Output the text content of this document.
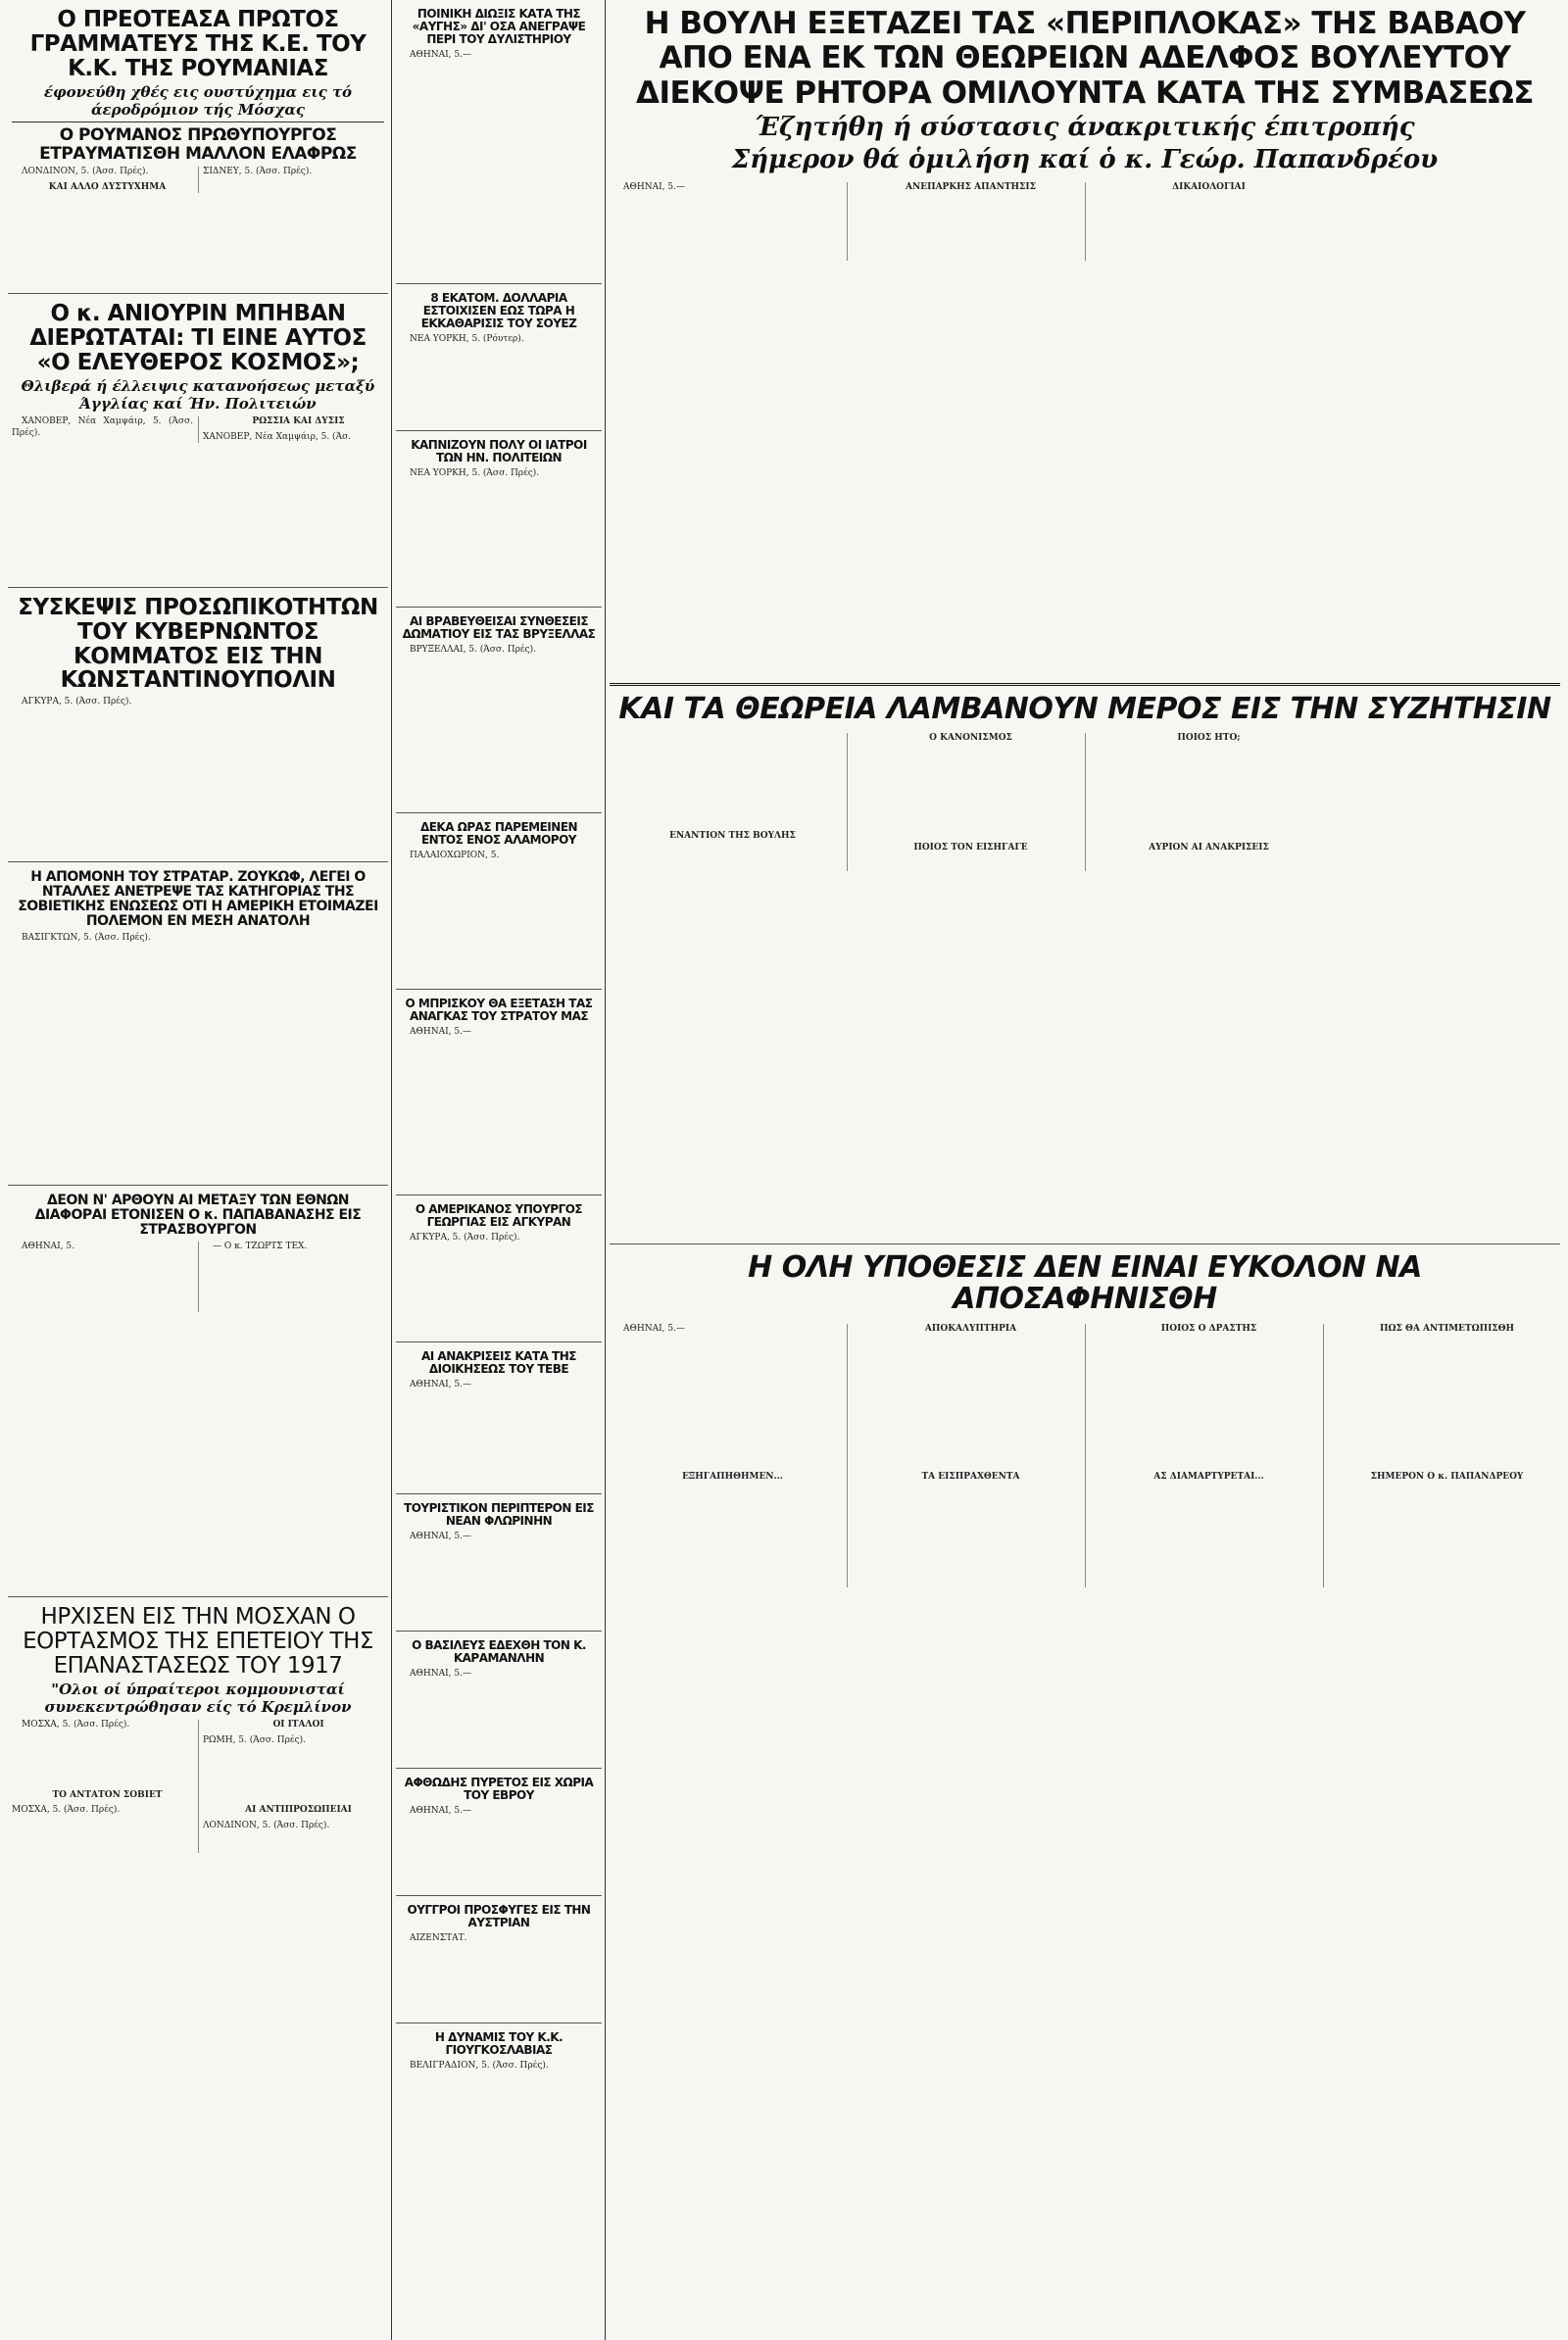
Ο ΠΡΕΟΤΕΑΣΑ ΠΡΩΤΟΣ ΓΡΑΜΜΑΤΕΥΣ ΤΗΣ Κ.Ε. ΤΟΥ Κ.Κ. ΤΗΣ ΡΟΥΜΑΝΙΑΣ
έφονεύθη χθές εις ουστύχημα εις τό άεροδρόμιον τής Μόσχας
Ο ΡΟΥΜΑΝΟΣ ΠΡΩΘΥΠΟΥΡΓΟΣ ΕΤΡΑΥΜΑΤΙΣΘΗ ΜΑΛΛΟΝ ΕΛΑΦΡΩΣ
ΛΟΝΔΙΝΟΝ, 5. (Άσσ. Πρές).
ΚΑΙ ΑΛΛΟ ΔΥΣΤΥΧΗΜΑ
ΣΙΔΝΕΥ, 5. (Άσσ. Πρές).
Ο κ. ΑΝΙΟΥΡΙΝ ΜΠΗΒΑΝ ΔΙΕΡΩΤΑΤΑΙ: ΤΙ ΕΙΝΕ ΑΥΤΟΣ «Ο ΕΛΕΥΘΕΡΟΣ ΚΟΣΜΟΣ»;
Θλιβερά ή έλλειψις κατανοήσεως μεταξύ Άγγλίας καί Ήν. Πολιτειών
ΧΑΝΟΒΕΡ, Νέα Χαμψάιρ, 5. (Άσσ. Πρές).
ΡΩΣΣΙΑ ΚΑΙ ΔΥΣΙΣ
ΧΑΝΟΒΕΡ, Νέα Χαμψάιρ, 5. (Άσ.
ΣΥΣΚΕΨΙΣ ΠΡΟΣΩΠΙΚΟΤΗΤΩΝ ΤΟΥ ΚΥΒΕΡΝΩΝΤΟΣ ΚΟΜΜΑΤΟΣ ΕΙΣ ΤΗΝ ΚΩΝΣΤΑΝΤΙΝΟΥΠΟΛΙΝ
ΑΓΚΥΡΑ, 5. (Άσσ. Πρές).
Η ΑΠΟΜΟΝΗ ΤΟΥ ΣΤΡΑΤΑΡ. ΖΟΥΚΩΦ, ΛΕΓΕΙ Ο ΝΤΑΛΛΕΣ ΑΝΕΤΡΕΨΕ ΤΑΣ ΚΑΤΗΓΟΡΙΑΣ ΤΗΣ ΣΟΒΙΕΤΙΚΗΣ ΕΝΩΣΕΩΣ ΟΤΙ Η ΑΜΕΡΙΚΗ ΕΤΟΙΜΑΖΕΙ ΠΟΛΕΜΟΝ ΕΝ ΜΕΣΗ ΑΝΑΤΟΛΗ
ΒΑΣΙΓΚΤΩΝ, 5. (Άσσ. Πρές).
ΔΕΟΝ Ν' ΑΡΘΟΥΝ ΑΙ ΜΕΤΑΞΥ ΤΩΝ ΕΘΝΩΝ ΔΙΑΦΟΡΑΙ ΕΤΟΝΙΣΕΝ Ο κ. ΠΑΠΑΒΑΝΑΣΗΣ ΕΙΣ ΣΤΡΑΣΒΟΥΡΓΟΝ
ΑΘΗΝΑΙ, 5.	— Ο κ. ΤΖΩΡΤΣ ΤΕΧ.
ΗΡΧΙΣΕΝ ΕΙΣ ΤΗΝ ΜΟΣΧΑΝ Ο ΕΟΡΤΑΣΜΟΣ ΤΗΣ ΕΠΕΤΕΙΟΥ ΤΗΣ ΕΠΑΝΑΣΤΑΣΕΩΣ ΤΟΥ 1917
"Ολοι οί ύπραίτεροι κομμουνισταί συνεκεντρώθησαν είς τό Κρεμλίνον
ΜΟΣΧΑ, 5. (Άσσ. Πρές).
ΤΟ ΑΝΤΑΤΟΝ ΣΟΒΙΕΤ
ΜΟΣΧΑ, 5. (Άσσ. Πρές).
ΟΙ ΙΤΑΛΟΙ
ΡΩΜΗ, 5. (Άσσ. Πρές).
ΑΙ ΑΝΤΙΠΡΟΣΩΠΕΙΑΙ
ΛΟΝΔΙΝΟΝ, 5. (Άσσ. Πρές).
ΠΟΙΝΙΚΗ ΔΙΩΞΙΣ ΚΑΤΑ ΤΗΣ «ΑΥΓΗΣ» ΔΙ' ΟΣΑ ΑΝΕΓΡΑΨΕ ΠΕΡΙ ΤΟΥ ΔΥΛΙΣΤΗΡΙΟΥ
ΑΘΗΝΑΙ, 5.—
8 ΕΚΑΤΟΜ. ΔΟΛΛΑΡΙΑ ΕΣΤΟΙΧΙΣΕΝ ΕΩΣ ΤΩΡΑ Η ΕΚΚΑΘΑΡΙΣΙΣ ΤΟΥ ΣΟΥΕΖ
ΝΕΑ ΥΟΡΚΗ, 5. (Ρόυτερ).
ΚΑΠΝΙΖΟΥΝ ΠΟΛΥ ΟΙ ΙΑΤΡΟΙ ΤΩΝ ΗΝ. ΠΟΛΙΤΕΙΩΝ
ΝΕΑ ΥΟΡΚΗ, 5. (Άσσ. Πρές).
ΑΙ ΒΡΑΒΕΥΘΕΙΣΑΙ ΣΥΝΘΕΣΕΙΣ ΔΩΜΑΤΙΟΥ ΕΙΣ ΤΑΣ ΒΡΥΞΕΛΛΑΣ
ΒΡΥΞΕΛΛΑΙ, 5. (Άσσ. Πρές).
ΔΕΚΑ ΩΡΑΣ ΠΑΡΕΜΕΙΝΕΝ ΕΝΤΟΣ ΕΝΟΣ ΑΛΑΜΟΡΟΥ
ΠΑΛΑΙΟΧΩΡΙΟΝ, 5.
Ο ΜΠΡΙΣΚΟΥ ΘΑ ΕΞΕΤΑΣΗ ΤΑΣ ΑΝΑΓΚΑΣ ΤΟΥ ΣΤΡΑΤΟΥ ΜΑΣ
ΑΘΗΝΑΙ, 5.—
Ο ΑΜΕΡΙΚΑΝΟΣ ΥΠΟΥΡΓΟΣ ΓΕΩΡΓΙΑΣ ΕΙΣ ΑΓΚΥΡΑΝ
ΑΓΚΥΡΑ, 5. (Άσσ. Πρές).
ΑΙ ΑΝΑΚΡΙΣΕΙΣ ΚΑΤΑ ΤΗΣ ΔΙΟΙΚΗΣΕΩΣ ΤΟΥ ΤΕΒΕ
ΑΘΗΝΑΙ, 5.—
ΤΟΥΡΙΣΤΙΚΟΝ ΠΕΡΙΠΤΕΡΟΝ ΕΙΣ ΝΕΑΝ ΦΛΩΡΙΝΗΝ
ΑΘΗΝΑΙ, 5.—
Ο ΒΑΣΙΛΕΥΣ ΕΔΕΧΘΗ ΤΟΝ Κ. ΚΑΡΑΜΑΝΛΗΝ
ΑΘΗΝΑΙ, 5.—
ΑΦΘΩΔΗΣ ΠΥΡΕΤΟΣ ΕΙΣ ΧΩΡΙΑ ΤΟΥ ΕΒΡΟΥ
ΑΘΗΝΑΙ, 5.—
ΟΥΓΓΡΟΙ ΠΡΟΣΦΥΓΕΣ ΕΙΣ ΤΗΝ ΑΥΣΤΡΙΑΝ
ΑΙΖΕΝΣΤΑΤ.
Η ΔΥΝΑΜΙΣ ΤΟΥ Κ.Κ. ΓΙΟΥΓΚΟΣΛΑΒΙΑΣ
ΒΕΛΙΓΡΑΔΙΟΝ, 5. (Άσσ. Πρές).
Η ΒΟΥΛΗ ΕΞΕΤΑΖΕΙ ΤΑΣ «ΠΕΡΙΠΛΟΚΑΣ» ΤΗΣ ΒΑΒΑΟΥ
ΑΠΟ ΕΝΑ ΕΚ ΤΩΝ ΘΕΩΡΕΙΩΝ ΑΔΕΛΦΟΣ ΒΟΥΛΕΥΤΟΥ
ΔΙΕΚΟΨΕ ΡΗΤΟΡΑ ΟΜΙΛΟΥΝΤΑ ΚΑΤΑ ΤΗΣ ΣΥΜΒΑΣΕΩΣ
Έζητήθη ή σύστασις άνακριτικής έπιτροπής
Σήμερον θά ὁμιλήση καί ὁ κ. Γεώρ. Παπανδρέου
ΑΘΗΝΑΙ, 5.—	ΑΝΕΠΑΡΚΗΣ ΑΠΑΝΤΗΣΙΣ	ΔΙΚΑΙΟΛΟΓΙΑΙ
ΚΑΙ ΤΑ ΘΕΩΡΕΙΑ ΛΑΜΒΑΝΟΥΝ ΜΕΡΟΣ ΕΙΣ ΤΗΝ ΣΥΖΗΤΗΣΙΝ
ΕΝΑΝΤΙΟΝ ΤΗΣ ΒΟΥΛΗΣ
Ο ΚΑΝΟΝΙΣΜΟΣ
ΠΟΙΟΣ ΤΟΝ ΕΙΣΗΓΑΓΕ
ΠΟΙΟΣ ΗΤΟ;
ΑΥΡΙΟΝ ΑΙ ΑΝΑΚΡΙΣΕΙΣ
Η ΟΛΗ ΥΠΟΘΕΣΙΣ ΔΕΝ ΕΙΝΑΙ ΕΥΚΟΛΟΝ ΝΑ ΑΠΟΣΑΦΗΝΙΣΘΗ
ΑΘΗΝΑΙ, 5.—
ΕΞΗΓΑΠΗΘΗΜΕΝ...
ΑΠΟΚΑΛΥΠΤΗΡΙΑ
ΤΑ ΕΙΣΠΡΑΧΘΕΝΤΑ
ΠΟΙΟΣ Ο ΔΡΑΣΤΗΣ
ΑΣ ΔΙΑΜΑΡΤΥΡΕΤΑΙ...
ΠΩΣ ΘΑ ΑΝΤΙΜΕΤΩΠΙΣΘΗ
ΣΗΜΕΡΟΝ Ο κ. ΠΑΠΑΝΔΡΕΟΥ
